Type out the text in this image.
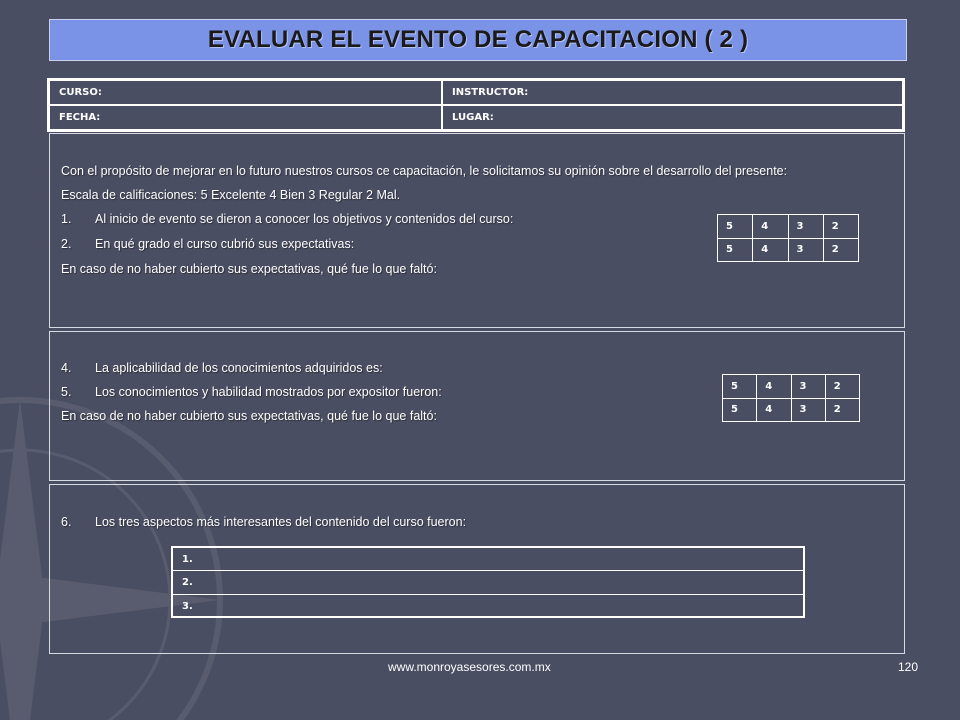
EVALUAR EL EVENTO DE CAPACITACION ( 2 )
CURSO:	INSTRUCTOR:
FECHA:	LUGAR:
Con el propósito de mejorar en lo futuro nuestros cursos ce capacitación, le solicitamos su opinión sobre el desarrollo del presente:
Escala de calificaciones: 5 Excelente 4 Bien 3 Regular 2 Mal.
1. Al inicio de evento se dieron a conocer los objetivos y contenidos del curso:
2. En qué grado el curso cubrió sus expectativas:
En caso de no haber cubierto sus expectativas, qué fue lo que faltó:
5	4	3	2
5	4	3	2
4. La aplicabilidad de los conocimientos adquiridos es:
5. Los conocimientos y habilidad mostrados por expositor fueron:
En caso de no haber cubierto sus expectativas, qué fue lo que faltó:
5	4	3	2
5	4	3	2
6. Los tres aspectos más interesantes del contenido del curso fueron:
1.
2.
3.
www.monroyasesores.com.mx	120
